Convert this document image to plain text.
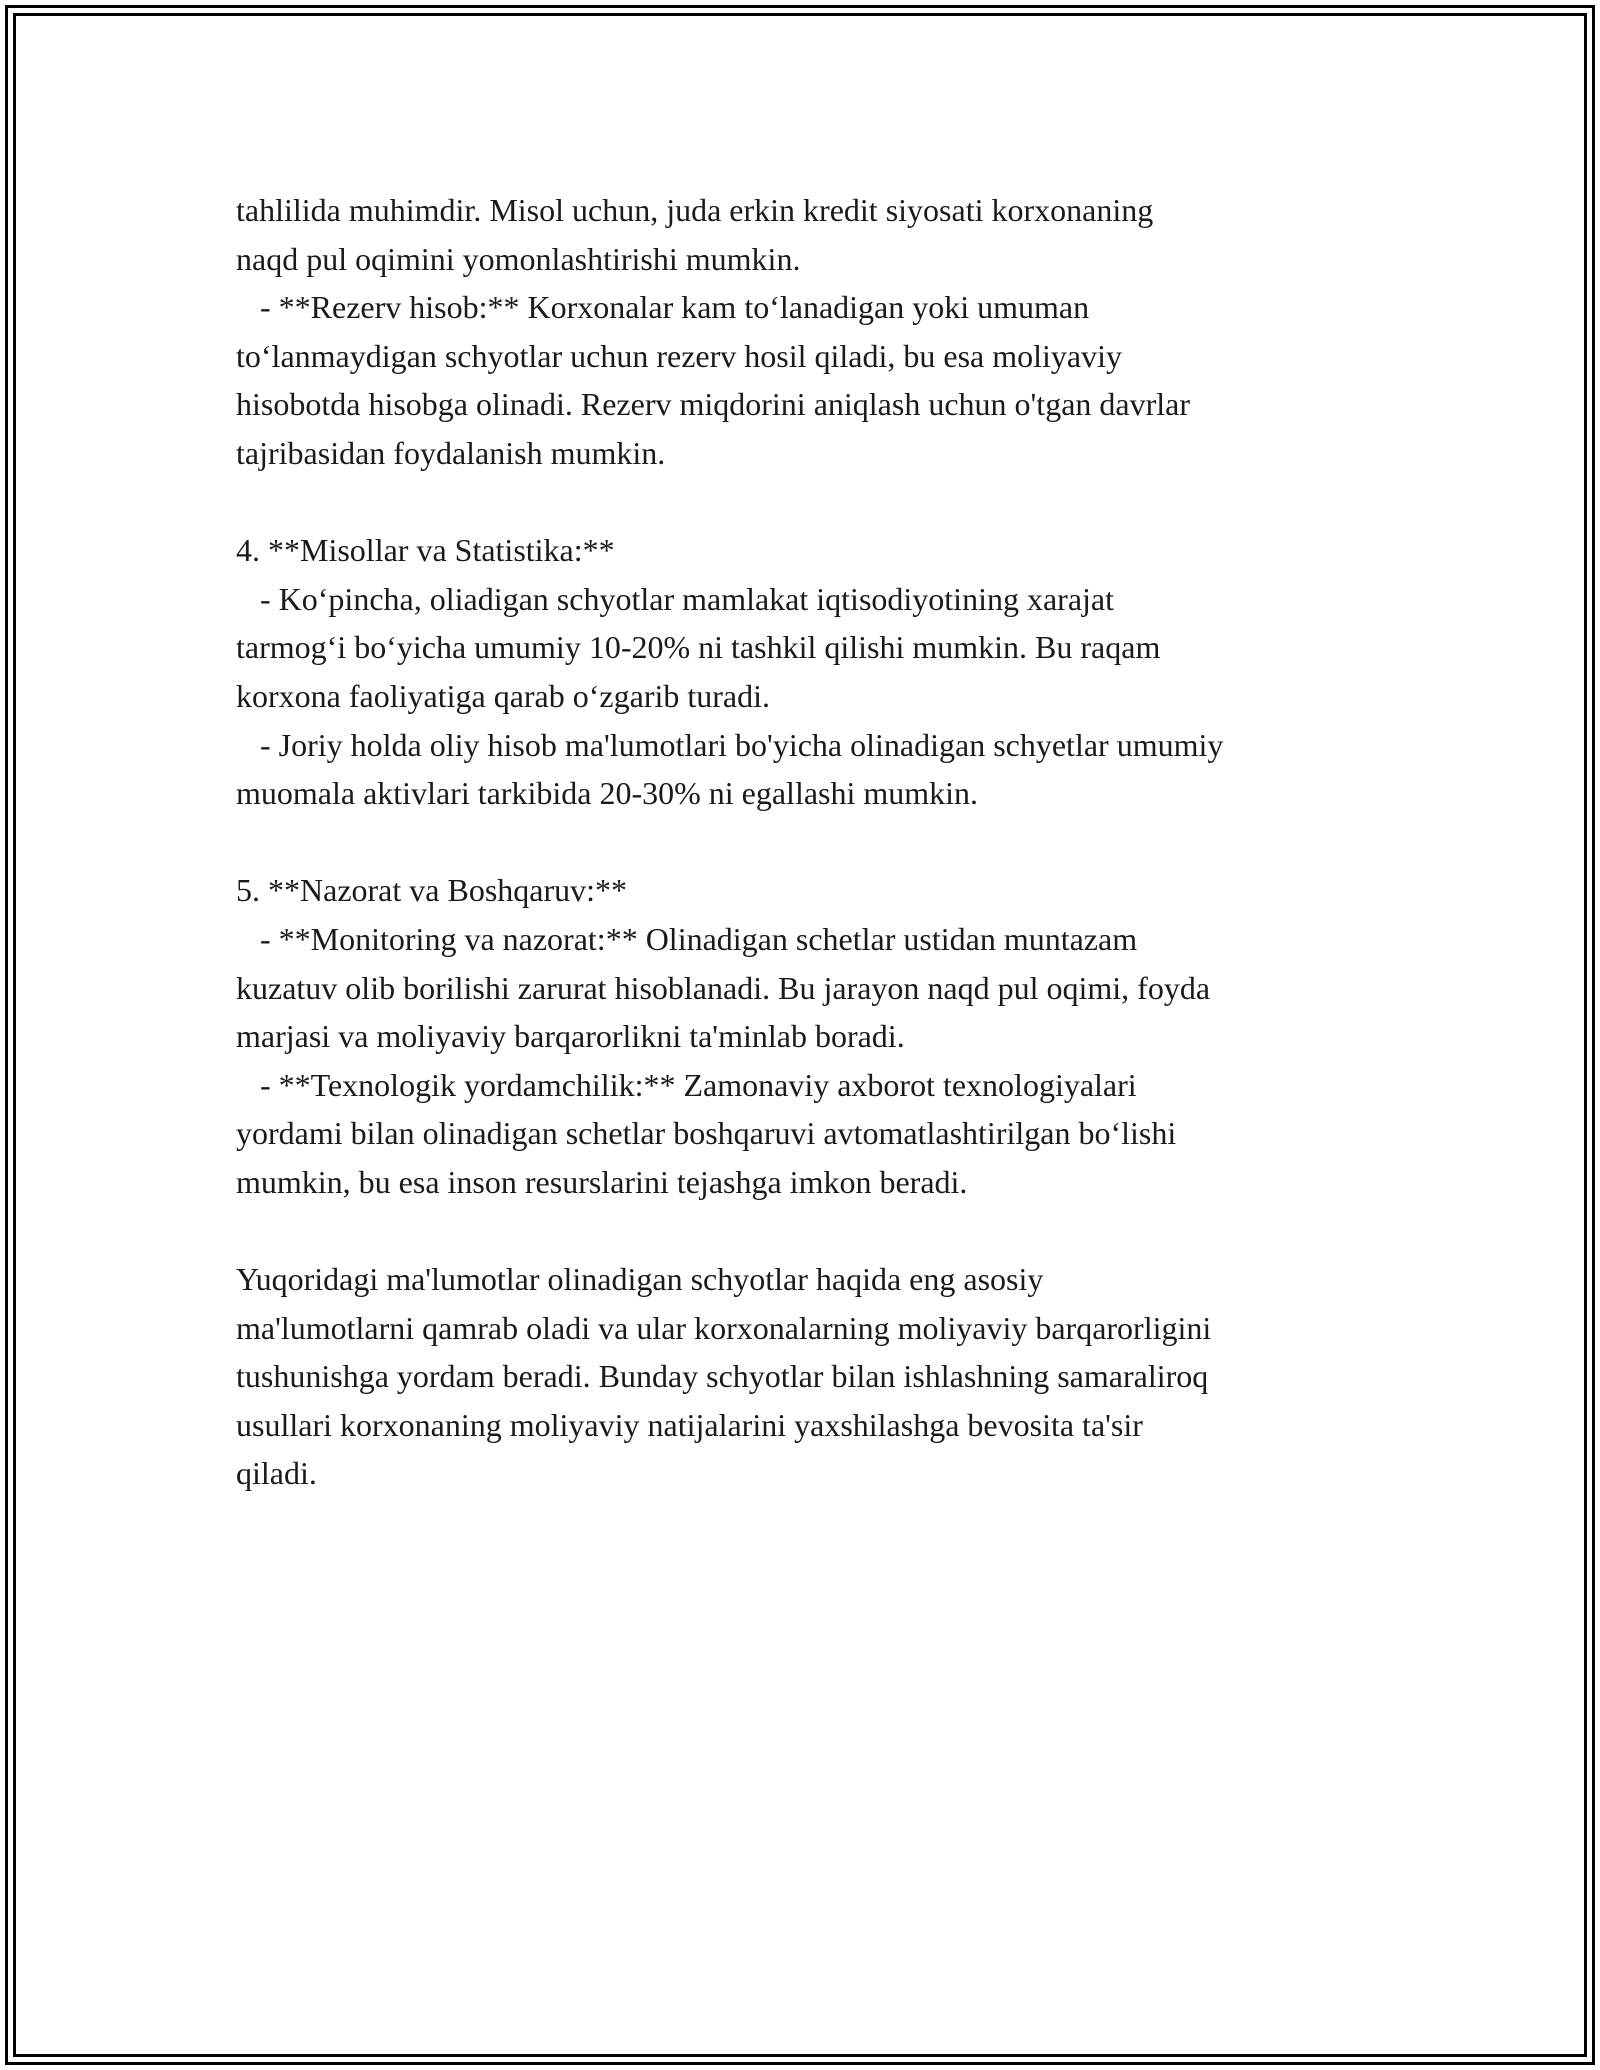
tahlilida muhimdir. Misol uchun, juda erkin kredit siyosati korxonaning
naqd pul oqimini yomonlashtirishi mumkin.
- **Rezerv hisob:** Korxonalar kam to‘lanadigan yoki umuman
to‘lanmaydigan schyotlar uchun rezerv hosil qiladi, bu esa moliyaviy
hisobotda hisobga olinadi. Rezerv miqdorini aniqlash uchun o'tgan davrlar
tajribasidan foydalanish mumkin.
4. **Misollar va Statistika:**
- Ko‘pincha, oliadigan schyotlar mamlakat iqtisodiyotining xarajat
tarmog‘i bo‘yicha umumiy 10-20% ni tashkil qilishi mumkin. Bu raqam
korxona faoliyatiga qarab o‘zgarib turadi.
- Joriy holda oliy hisob ma'lumotlari bo'yicha olinadigan schyetlar umumiy
muomala aktivlari tarkibida 20-30% ni egallashi mumkin.
5. **Nazorat va Boshqaruv:**
- **Monitoring va nazorat:** Olinadigan schetlar ustidan muntazam
kuzatuv olib borilishi zarurat hisoblanadi. Bu jarayon naqd pul oqimi, foyda
marjasi va moliyaviy barqarorlikni ta'minlab boradi.
- **Texnologik yordamchilik:** Zamonaviy axborot texnologiyalari
yordami bilan olinadigan schetlar boshqaruvi avtomatlashtirilgan bo‘lishi
mumkin, bu esa inson resurslarini tejashga imkon beradi.
Yuqoridagi ma'lumotlar olinadigan schyotlar haqida eng asosiy
ma'lumotlarni qamrab oladi va ular korxonalarning moliyaviy barqarorligini
tushunishga yordam beradi. Bunday schyotlar bilan ishlashning samaraliroq
usullari korxonaning moliyaviy natijalarini yaxshilashga bevosita ta'sir
qiladi.
